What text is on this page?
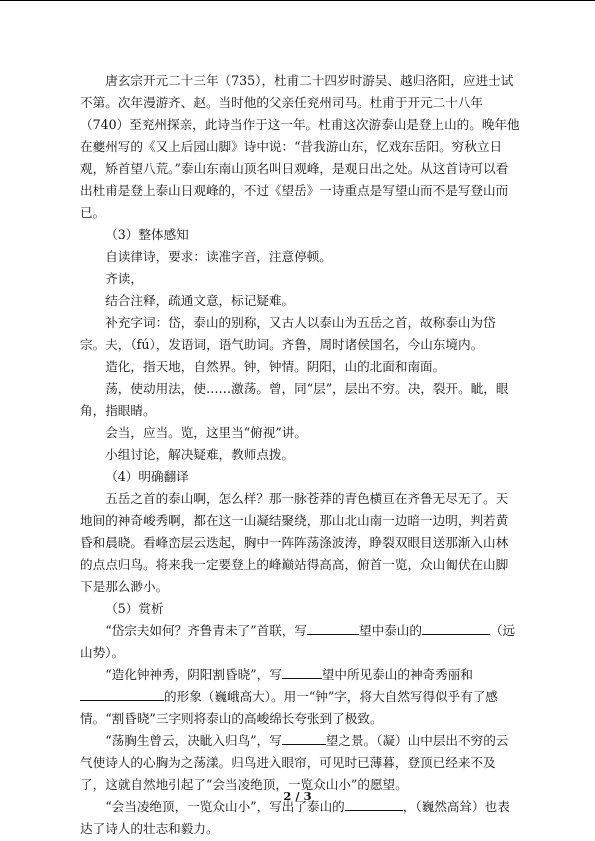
唐玄宗开元二十三年（735），杜甫二十四岁时游吴、越归洛阳，应进士试不第。次年漫游齐、赵。当时他的父亲任兖州司马。杜甫于开元二十八年（740）至兖州探亲，此诗当作于这一年。杜甫这次游泰山是登上山的。晚年他在夔州写的《又上后园山脚》诗中说：“昔我游山东，忆戏东岳阳。穷秋立日观，矫首望八荒。”泰山东南山顶名叫日观峰，是观日出之处。从这首诗可以看出杜甫是登上泰山日观峰的，不过《望岳》一诗重点是写望山而不是写登山而已。

（3）整体感知

自读律诗，要求：读准字音，注意停顿。

齐读，

结合注释，疏通文意，标记疑难。

补充字词：岱，泰山的别称，又古人以泰山为五岳之首，故称泰山为岱宗。夫，（fú），发语词，语气助词。齐鲁，周时诸侯国名，今山东境内。

造化，指天地，自然界。钟，钟情。阴阳，山的北面和南面。

荡，使动用法，使……激荡。曾，同“层”，层出不穷。决，裂开。眦，眼角，指眼睛。

会当，应当。览，这里当“俯视”讲。

小组讨论，解决疑难，教师点拨。

（4）明确翻译

五岳之首的泰山啊，怎么样？那一脉苍莽的青色横亘在齐鲁无尽无了。天地间的神奇峻秀啊，都在这一山凝结聚绕，那山北山南一边暗一边明，判若黄昏和晨晓。看峰峦层云迭起，胸中一阵阵荡涤波涛，睁裂双眼目送那渐入山林的点点归鸟。将来我一定要登上的峰巅站得高高，俯首一览，众山匍伏在山脚下是那么渺小。

（5）赏析

“岱宗夫如何？齐鲁青未了”首联，写	望中泰山的	（远山势）。

“造化钟神秀，阴阳割昏晓”，写	望中所见泰山的神奇秀丽和的形象（巍峨高大）。用一“钟”字，将大自然写得似乎有了感情。“割昏晓”三字则将泰山的高峻绵长夸张到了极致。

“荡胸生曾云，决眦入归鸟”，写	望之景。（凝）山中层出不穷的云气使诗人的心胸为之荡漾。归鸟进入眼帘，可见时已薄暮，登顶已经来不及了，这就自然地引起了“会当凌绝顶，一览众山小”的愿望。

“会当凌绝顶，一览众山小”，写出了泰山的	，（巍然高耸）也表达了诗人的壮志和毅力。

2 / 3
